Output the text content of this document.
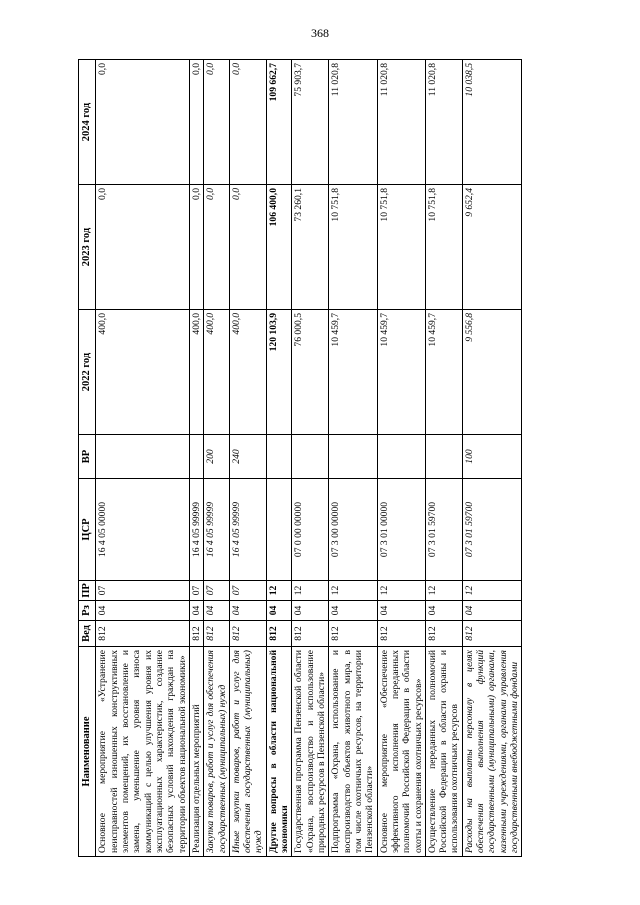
368
Наименование	Вед	Рз	ПР	ЦСР	ВР	2022 год	2023 год	2024 год
Основное мероприятие «Устранение неисправностей изношенных конструктивных элементов помещений, их восстановление и замена, уменьшение уровня износа коммуникаций с целью улучшения уровня их эксплуатационных характеристик, создание безопасных условий нахождения граждан на территории объектов национальной экономики»	812	04	07	16 4 05 00000		400,0	0,0	0,0
Реализация отдельных мероприятий	812	04	07	16 4 05 99999		400,0	0,0	0,0
Закупка товаров, работ и услуг для обеспечения государственных (муниципальных) нужд	812	04	07	16 4 05 99999	200	400,0	0,0	0,0
Иные закупки товаров, работ и услуг для обеспечения государственных (муниципальных) нужд	812	04	07	16 4 05 99999	240	400,0	0,0	0,0
Другие вопросы в области национальной экономики	812	04	12			120 103,9	106 400,0	109 662,7
Государственная программа Пензенской области «Охрана, воспроизводство и использование природных ресурсов в Пензенской области»	812	04	12	07 0 00 00000		76 000,5	73 260,1	75 903,7
Подпрограмма «Охрана, использование и воспроизводство объектов животного мира, в том числе охотничьих ресурсов, на территории Пензенской области»	812	04	12	07 3 00 00000		10 459,7	10 751,8	11 020,8
Основное мероприятие «Обеспечение эффективного исполнения переданных полномочий Российской Федерации в области охоты и сохранения охотничьих ресурсов»	812	04	12	07 3 01 00000		10 459,7	10 751,8	11 020,8
Осуществление переданных полномочий Российской Федерации в области охраны и использования охотничьих ресурсов	812	04	12	07 3 01 59700		10 459,7	10 751,8	11 020,8
Расходы на выплаты персоналу в целях обеспечения выполнения функций государственными (муниципальными) органами, казенными учреждениями, органами управления государственными внебюджетными фондами	812	04	12	07 3 01 59700	100	9 556,8	9 652,4	10 038,5
